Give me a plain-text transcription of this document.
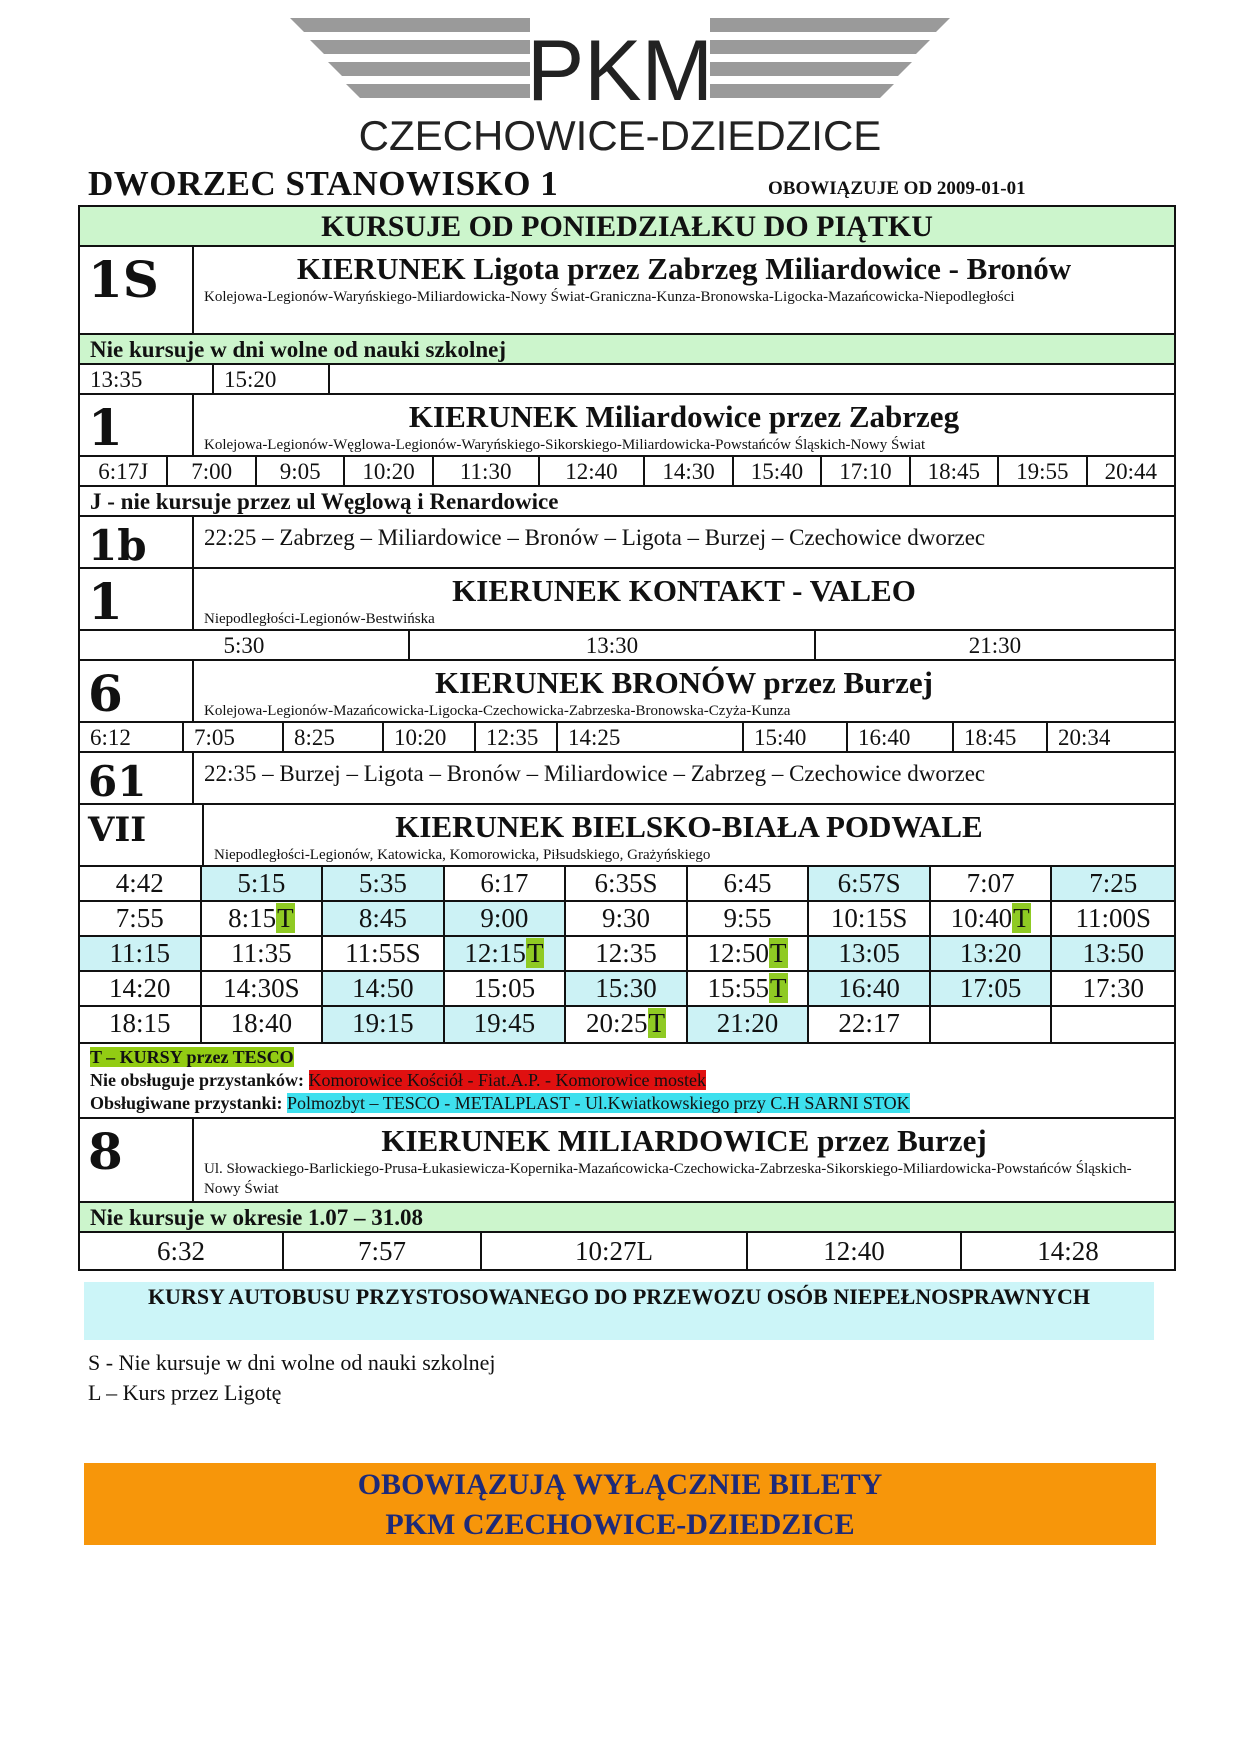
PKM
CZECHOWICE-DZIEDZICE
DWORZEC STANOWISKO 1	OBOWIĄZUJE OD 2009-01-01
KURSUJE OD PONIEDZIAŁKU DO PIĄTKU
1S	KIERUNEK Ligota przez Zabrzeg Miliardowice - Bronów
Kolejowa-Legionów-Waryńskiego-Miliardowicka-Nowy Świat-Graniczna-Kunza-Bronowska-Ligocka-Mazańcowicka-Niepodległości
Nie kursuje w dni wolne od nauki szkolnej
13:35	15:20
1	KIERUNEK Miliardowice przez Zabrzeg
Kolejowa-Legionów-Węglowa-Legionów-Waryńskiego-Sikorskiego-Miliardowicka-Powstańców Śląskich-Nowy Świat
6:17J	7:00	9:05	10:20	11:30	12:40	14:30	15:40	17:10	18:45	19:55	20:44
J - nie kursuje przez ul Węglową i Renardowice
1b	22:25 – Zabrzeg – Miliardowice – Bronów – Ligota – Burzej – Czechowice dworzec
1	KIERUNEK KONTAKT - VALEO
Niepodległości-Legionów-Bestwińska
5:30	13:30	21:30
6	KIERUNEK BRONÓW przez Burzej
Kolejowa-Legionów-Mazańcowicka-Ligocka-Czechowicka-Zabrzeska-Bronowska-Czyża-Kunza
6:12	7:05	8:25	10:20	12:35	14:25	15:40	16:40	18:45	20:34
61	22:35 – Burzej – Ligota – Bronów – Miliardowice – Zabrzeg – Czechowice dworzec
VII	KIERUNEK BIELSKO-BIAŁA PODWALE
Niepodległości-Legionów, Katowicka, Komorowicka, Piłsudskiego, Grażyńskiego
4:42	5:15	5:35	6:17	6:35S	6:45	6:57S	7:07	7:25
7:55	8:15T	8:45	9:00	9:30	9:55	10:15S	10:40T	11:00S
11:15	11:35	11:55S	12:15T	12:35	12:50T	13:05	13:20	13:50
14:20	14:30S	14:50	15:05	15:30	15:55T	16:40	17:05	17:30
18:15	18:40	19:15	19:45	20:25T	21:20	22:17
T – KURSY przez TESCO
Nie obsługuje przystanków: Komorowice Kościół - Fiat.A.P. - Komorowice mostek
Obsługiwane przystanki: Polmozbyt – TESCO - METALPLAST - Ul.Kwiatkowskiego przy C.H SARNI STOK
8	KIERUNEK MILIARDOWICE przez Burzej
Ul. Słowackiego-Barlickiego-Prusa-Łukasiewicza-Kopernika-Mazańcowicka-Czechowicka-Zabrzeska-Sikorskiego-Miliardowicka-Powstańców Śląskich-Nowy Świat
Nie kursuje w okresie 1.07 – 31.08
6:32	7:57	10:27L	12:40	14:28
KURSY AUTOBUSU PRZYSTOSOWANEGO DO PRZEWOZU OSÓB NIEPEŁNOSPRAWNYCH
S - Nie kursuje w dni wolne od nauki szkolnej
L – Kurs przez Ligotę
OBOWIĄZUJĄ WYŁĄCZNIE BILETY
PKM CZECHOWICE-DZIEDZICE
